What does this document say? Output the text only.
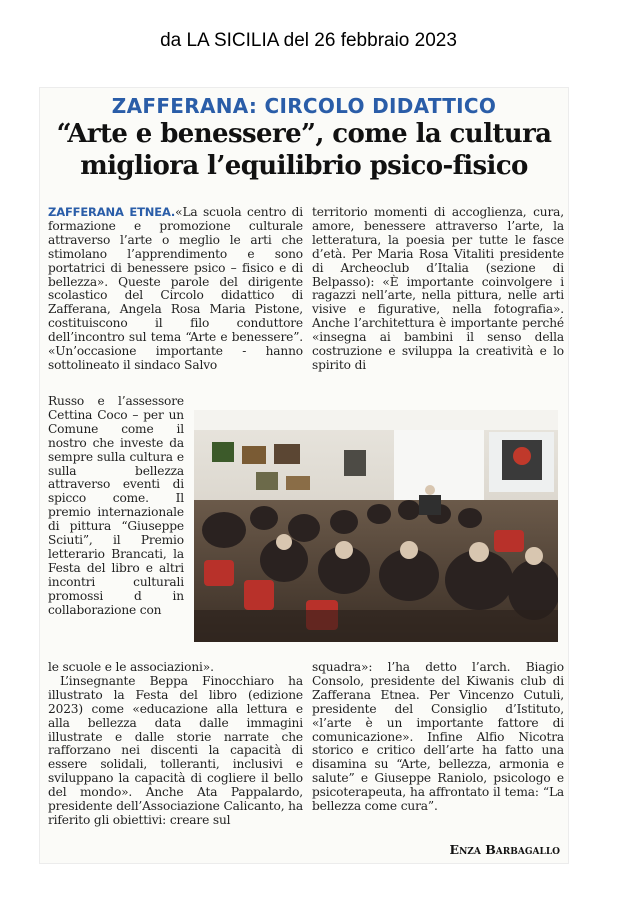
da LA SICILIA del 26 febbraio 2023
ZAFFERANA: CIRCOLO DIDATTICO
“Arte e benessere”, come la cultura
migliora l’equilibrio psico-fisico

ZAFFERANA ETNEA.«La scuola centro di formazione e promozione culturale attraverso l’arte o meglio le arti che stimolano l’apprendimento e sono portatrici di benessere psico – fisico e di bellezza». Queste parole del dirigente scolastico del Circolo didattico di Zafferana, Angela Rosa Maria Pistone, costituiscono il filo conduttore dell’incontro sul tema “Arte e benessere”. «Un’occasione importante - hanno sottolineato il sindaco Salvo

territorio momenti di accoglienza, cura, amore, benessere attraverso l’arte, la letteratura, la poesia per tutte le fasce d’età. Per Maria Rosa Vitaliti presidente di Archeoclub d’Italia (sezione di Belpasso): «È importante coinvolgere i ragazzi nell’arte, nella pittura, nelle arti visive e figurative, nella fotografia». Anche l’architettura è importante perché «insegna ai bambini il senso della costruzione e sviluppa la creatività e lo spirito di

Russo e l’assessore Cettina Coco – per un Comune come il nostro che investe da sempre sulla cultura e sulla bellezza attraverso eventi di spicco come. Il premio internazionale di pittura “Giuseppe Sciuti”, il Premio letterario Brancati, la Festa del libro e altri incontri culturali promossi d in collaborazione con

le scuole e le associazioni».

L’insegnante Beppa Finocchiaro ha illustrato la Festa del libro (edizione 2023) come «educazione alla lettura e alla bellezza data dalle immagini illustrate e dalle storie narrate che rafforzano nei discenti la capacità di essere solidali, tolleranti, inclusivi e sviluppano la capacità di cogliere il bello del mondo». Anche Ata Pappalardo, presidente dell’Associazione Calicanto, ha riferito gli obiettivi: creare sul

squadra»: l’ha detto l’arch. Biagio Consolo, presidente del Kiwanis club di Zafferana Etnea. Per Vincenzo Cutuli, presidente del Consiglio d’Istituto, «l’arte è un importante fattore di comunicazione». Infine Alfio Nicotra storico e critico dell’arte ha fatto una disamina su “Arte, bellezza, armonia e salute” e Giuseppe Raniolo, psicologo e psicoterapeuta, ha affrontato il tema: “La bellezza come cura”.

Enza Barbagallo
